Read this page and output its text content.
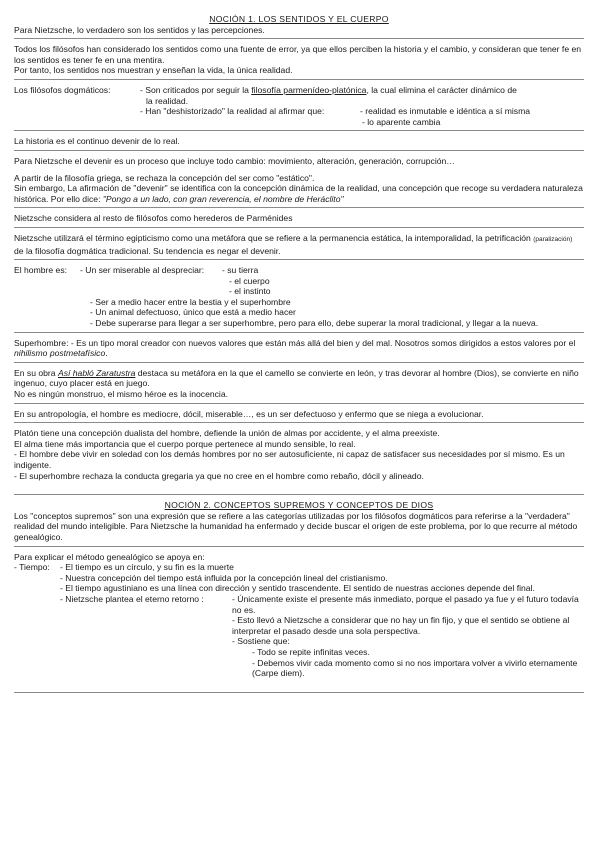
NOCIÓN 1. LOS SENTIDOS Y EL CUERPO
Para Nietzsche, lo verdadero son los sentidos y las percepciones.
Todos los filósofos han considerado los sentidos como una fuente de error, ya que ellos perciben la historia y el cambio, y consideran que tener fe en los sentidos es tener fe en una mentira.
Por tanto, los sentidos nos muestran y enseñan la vida, la única realidad.
Los filósofos dogmáticos:	- Son criticados por seguir la filosofía parmenídeo-platónica, la cual elimina el carácter dinámico de
la realidad.
- Han "deshistorizado" la realidad al afirmar que:	- realidad es inmutable e idéntica a sí misma
- lo aparente cambia
La historia es el continuo devenir de lo real.
Para Nietzsche el devenir es un proceso que incluye todo cambio: movimiento, alteración, generación, corrupción…
A partir de la filosofía griega, se rechaza la concepción del ser como "estático".
Sin embargo, La afirmación de "devenir" se identifica con la concepción dinámica de la realidad, una concepción que recoge su verdadera naturaleza histórica. Por ello dice: "Pongo a un lado, con gran reverencia, el nombre de Heráclito"
Nietzsche considera al resto de filósofos como herederos de Parménides
Nietzsche utilizará el término egipticismo como una metáfora que se refiere a la permanencia estática, la intemporalidad, la petrificación (paralización) de la filosofía dogmática tradicional. Su tendencia es negar el devenir.
El hombre es:	- Un ser miserable al despreciar:	- su tierra
- el cuerpo
- el instinto
- Ser a medio hacer entre la bestia y el superhombre
- Un animal defectuoso, único que está a medio hacer
- Debe superarse para llegar a ser superhombre, pero para ello, debe superar la moral tradicional, y llegar a la nueva.
Superhombre: - Es un tipo moral creador con nuevos valores que están más allá del bien y del mal. Nosotros somos dirigidos a estos valores por el nihilismo postmetafísico.
En su obra Así habló Zaratustra destaca su metáfora en la que el camello se convierte en león, y tras devorar al hombre (Dios), se convierte en niño ingenuo, cuyo placer está en juego.
No es ningún monstruo, el mismo héroe es la inocencia.
En su antropología, el hombre es mediocre, dócil, miserable…, es un ser defectuoso y enfermo que se niega a evolucionar.
Platón tiene una concepción dualista del hombre, defiende la unión de almas por accidente, y el alma preexiste.
El alma tiene más importancia que el cuerpo porque pertenece al mundo sensible, lo real.
- El hombre debe vivir en soledad con los demás hombres por no ser autosuficiente, ni capaz de satisfacer sus necesidades por sí mismo. Es un indigente.
- El superhombre rechaza la conducta gregaria ya que no cree en el hombre como rebaño, dócil y alineado.
NOCIÓN 2. CONCEPTOS SUPREMOS Y CONCEPTOS DE DIOS
Los "conceptos supremos" son una expresión que se refiere a las categorías utilizadas por los filósofos dogmáticos para referirse a la "verdadera" realidad del mundo inteligible. Para Nietzsche la humanidad ha enfermado y decide buscar el origen de este problema, por lo que recurre al método genealógico.
Para explicar el método genealógico se apoya en:
- Tiempo:	- El tiempo es un círculo, y su fin es la muerte
- Nuestra concepción del tiempo está influida por la concepción lineal del cristianismo.
- El tiempo agustiniano es una línea con dirección y sentido trascendente. El sentido de nuestras acciones depende del final.
- Nietzsche plantea el eterno retorno :	- Únicamente existe el presente más inmediato, porque el pasado ya fue y el futuro todavía no es.
- Esto llevó a Nietzsche a considerar que no hay un fin fijo, y que el sentido se obtiene al interpretar el pasado desde una sola perspectiva.
- Sostiene que:
- Todo se repite infinitas veces.
- Debemos vivir cada momento como si no nos importara volver a vivirlo eternamente (Carpe diem).
